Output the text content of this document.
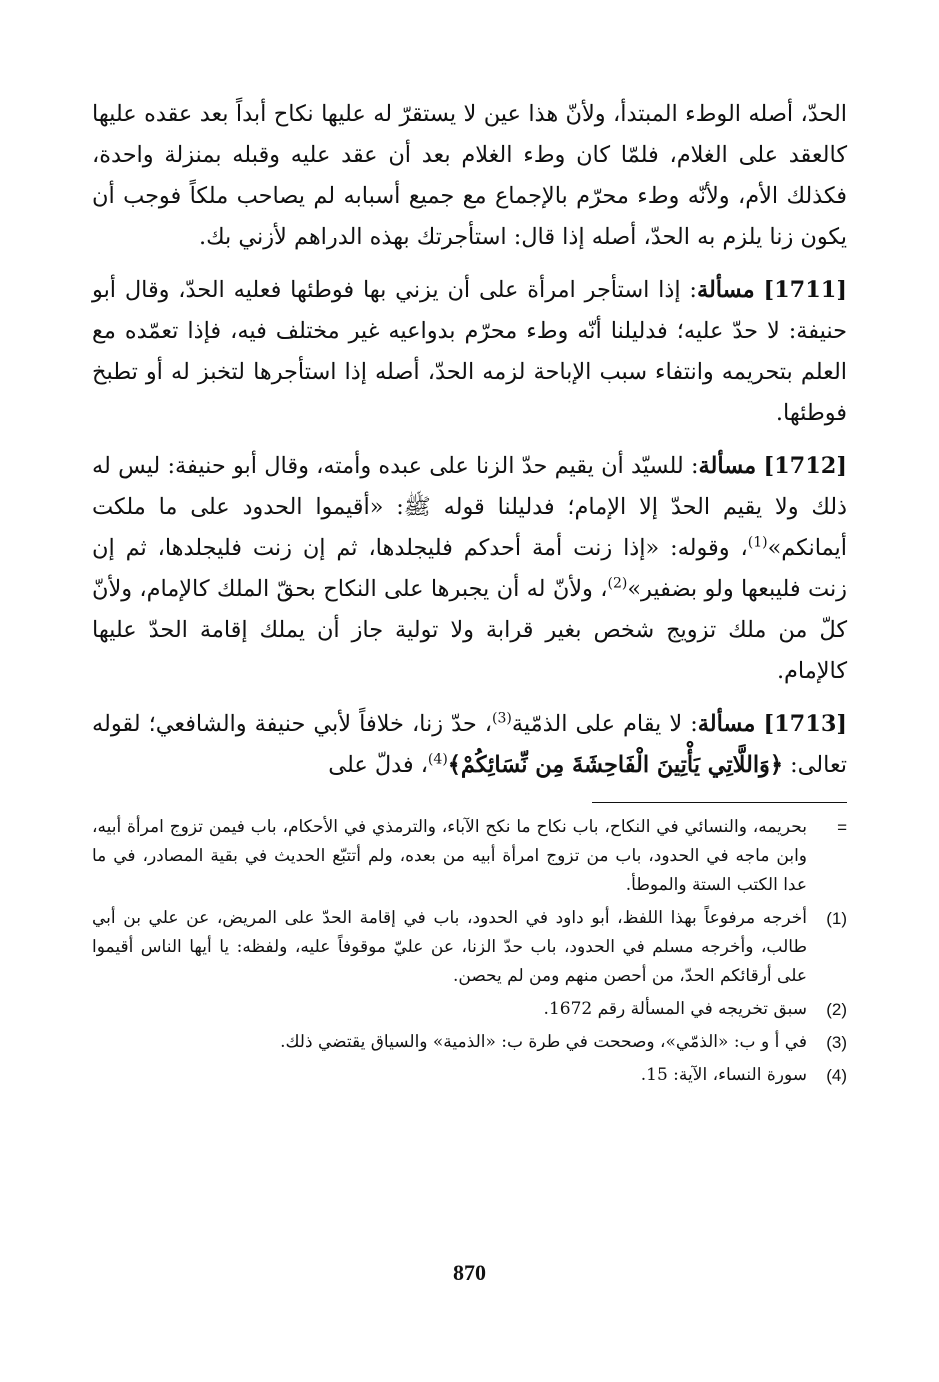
الحدّ، أصله الوطء المبتدأ، ولأنّ هذا عين لا يستقرّ له عليها نكاح أبداً بعد عقده عليها كالعقد على الغلام، فلمّا كان وطء الغلام بعد أن عقد عليه وقبله بمنزلة واحدة، فكذلك الأم، ولأنّه وطء محرّم بالإجماع مع جميع أسبابه لم يصاحب ملكاً فوجب أن يكون زنا يلزم به الحدّ، أصله إذا قال: استأجرتك بهذه الدراهم لأزني بك.

[1711] مسألة: إذا استأجر امرأة على أن يزني بها فوطئها فعليه الحدّ، وقال أبو حنيفة: لا حدّ عليه؛ فدليلنا أنّه وطء محرّم بدواعيه غير مختلف فيه، فإذا تعمّده مع العلم بتحريمه وانتفاء سبب الإباحة لزمه الحدّ، أصله إذا استأجرها لتخبز له أو تطبخ فوطئها.

[1712] مسألة: للسيّد أن يقيم حدّ الزنا على عبده وأمته، وقال أبو حنيفة: ليس له ذلك ولا يقيم الحدّ إلا الإمام؛ فدليلنا قوله ﷺ: «أقيموا الحدود على ما ملكت أيمانكم»$^{(1)}$، وقوله: «إذا زنت أمة أحدكم فليجلدها، ثم إن زنت فليجلدها، ثم إن زنت فليبعها ولو بضفير»$^{(2)}$، ولأنّ له أن يجبرها على النكاح بحقّ الملك كالإمام، ولأنّ كلّ من ملك تزويج شخص بغير قرابة ولا تولية جاز أن يملك إقامة الحدّ عليها كالإمام.

[1713] مسألة: لا يقام على الذمّية$^{(3)}$، حدّ زنا، خلافاً لأبي حنيفة والشافعي؛ لقوله تعالى: ﴿وَاللَّاتِي يَأْتِينَ الْفَاحِشَةَ مِن نِّسَائِكُمْ﴾$^{(4)}$، فدلّ على

=
بحريمه، والنسائي في النكاح، باب نكاح ما نكح الآباء، والترمذي في الأحكام، باب فيمن تزوج امرأة أبيه، وابن ماجه في الحدود، باب من تزوج امرأة أبيه من بعده، ولم أتتبّع الحديث في بقية المصادر، في ما عدا الكتب الستة والموطأ.
(1)
أخرجه مرفوعاً بهذا اللفظ، أبو داود في الحدود، باب في إقامة الحدّ على المريض، عن علي بن أبي طالب، وأخرجه مسلم في الحدود، باب حدّ الزنا، عن عليّ موقوفاً عليه، ولفظه: يا أيها الناس أقيموا على أرقائكم الحدّ، من أحصن منهم ومن لم يحصن.
(2)
سبق تخريجه في المسألة رقم 1672.
(3)
في أ و ب: «الذمّي»، وصححت في طرة ب: «الذمية» والسياق يقتضي ذلك.
(4)
سورة النساء، الآية: 15.
870
